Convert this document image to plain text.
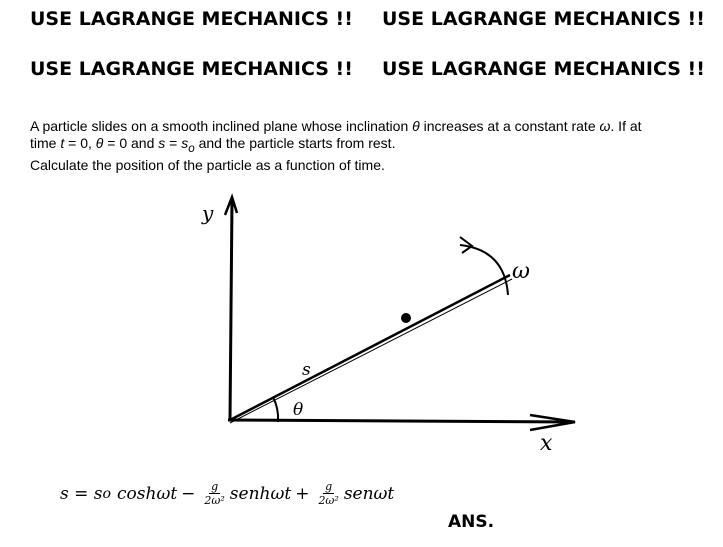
USE LAGRANGE MECHANICS !! USE LAGRANGE MECHANICS !!
USE LAGRANGE MECHANICS !! USE LAGRANGE MECHANICS !!

A particle slides on a smooth inclined plane whose inclination θ increases at a constant rate ω. If at

time t = 0, θ = 0 and $s = s_o$ and the particle starts from rest.

Calculate the position of the particle as a function of time.

y
x
s
θ
ω
s = s o $\cosh\omega t - \frac{g}{\text{2ω²}}$ senhωt + $\frac{g}{\text{2ω²}}$ senωt
ANS.
